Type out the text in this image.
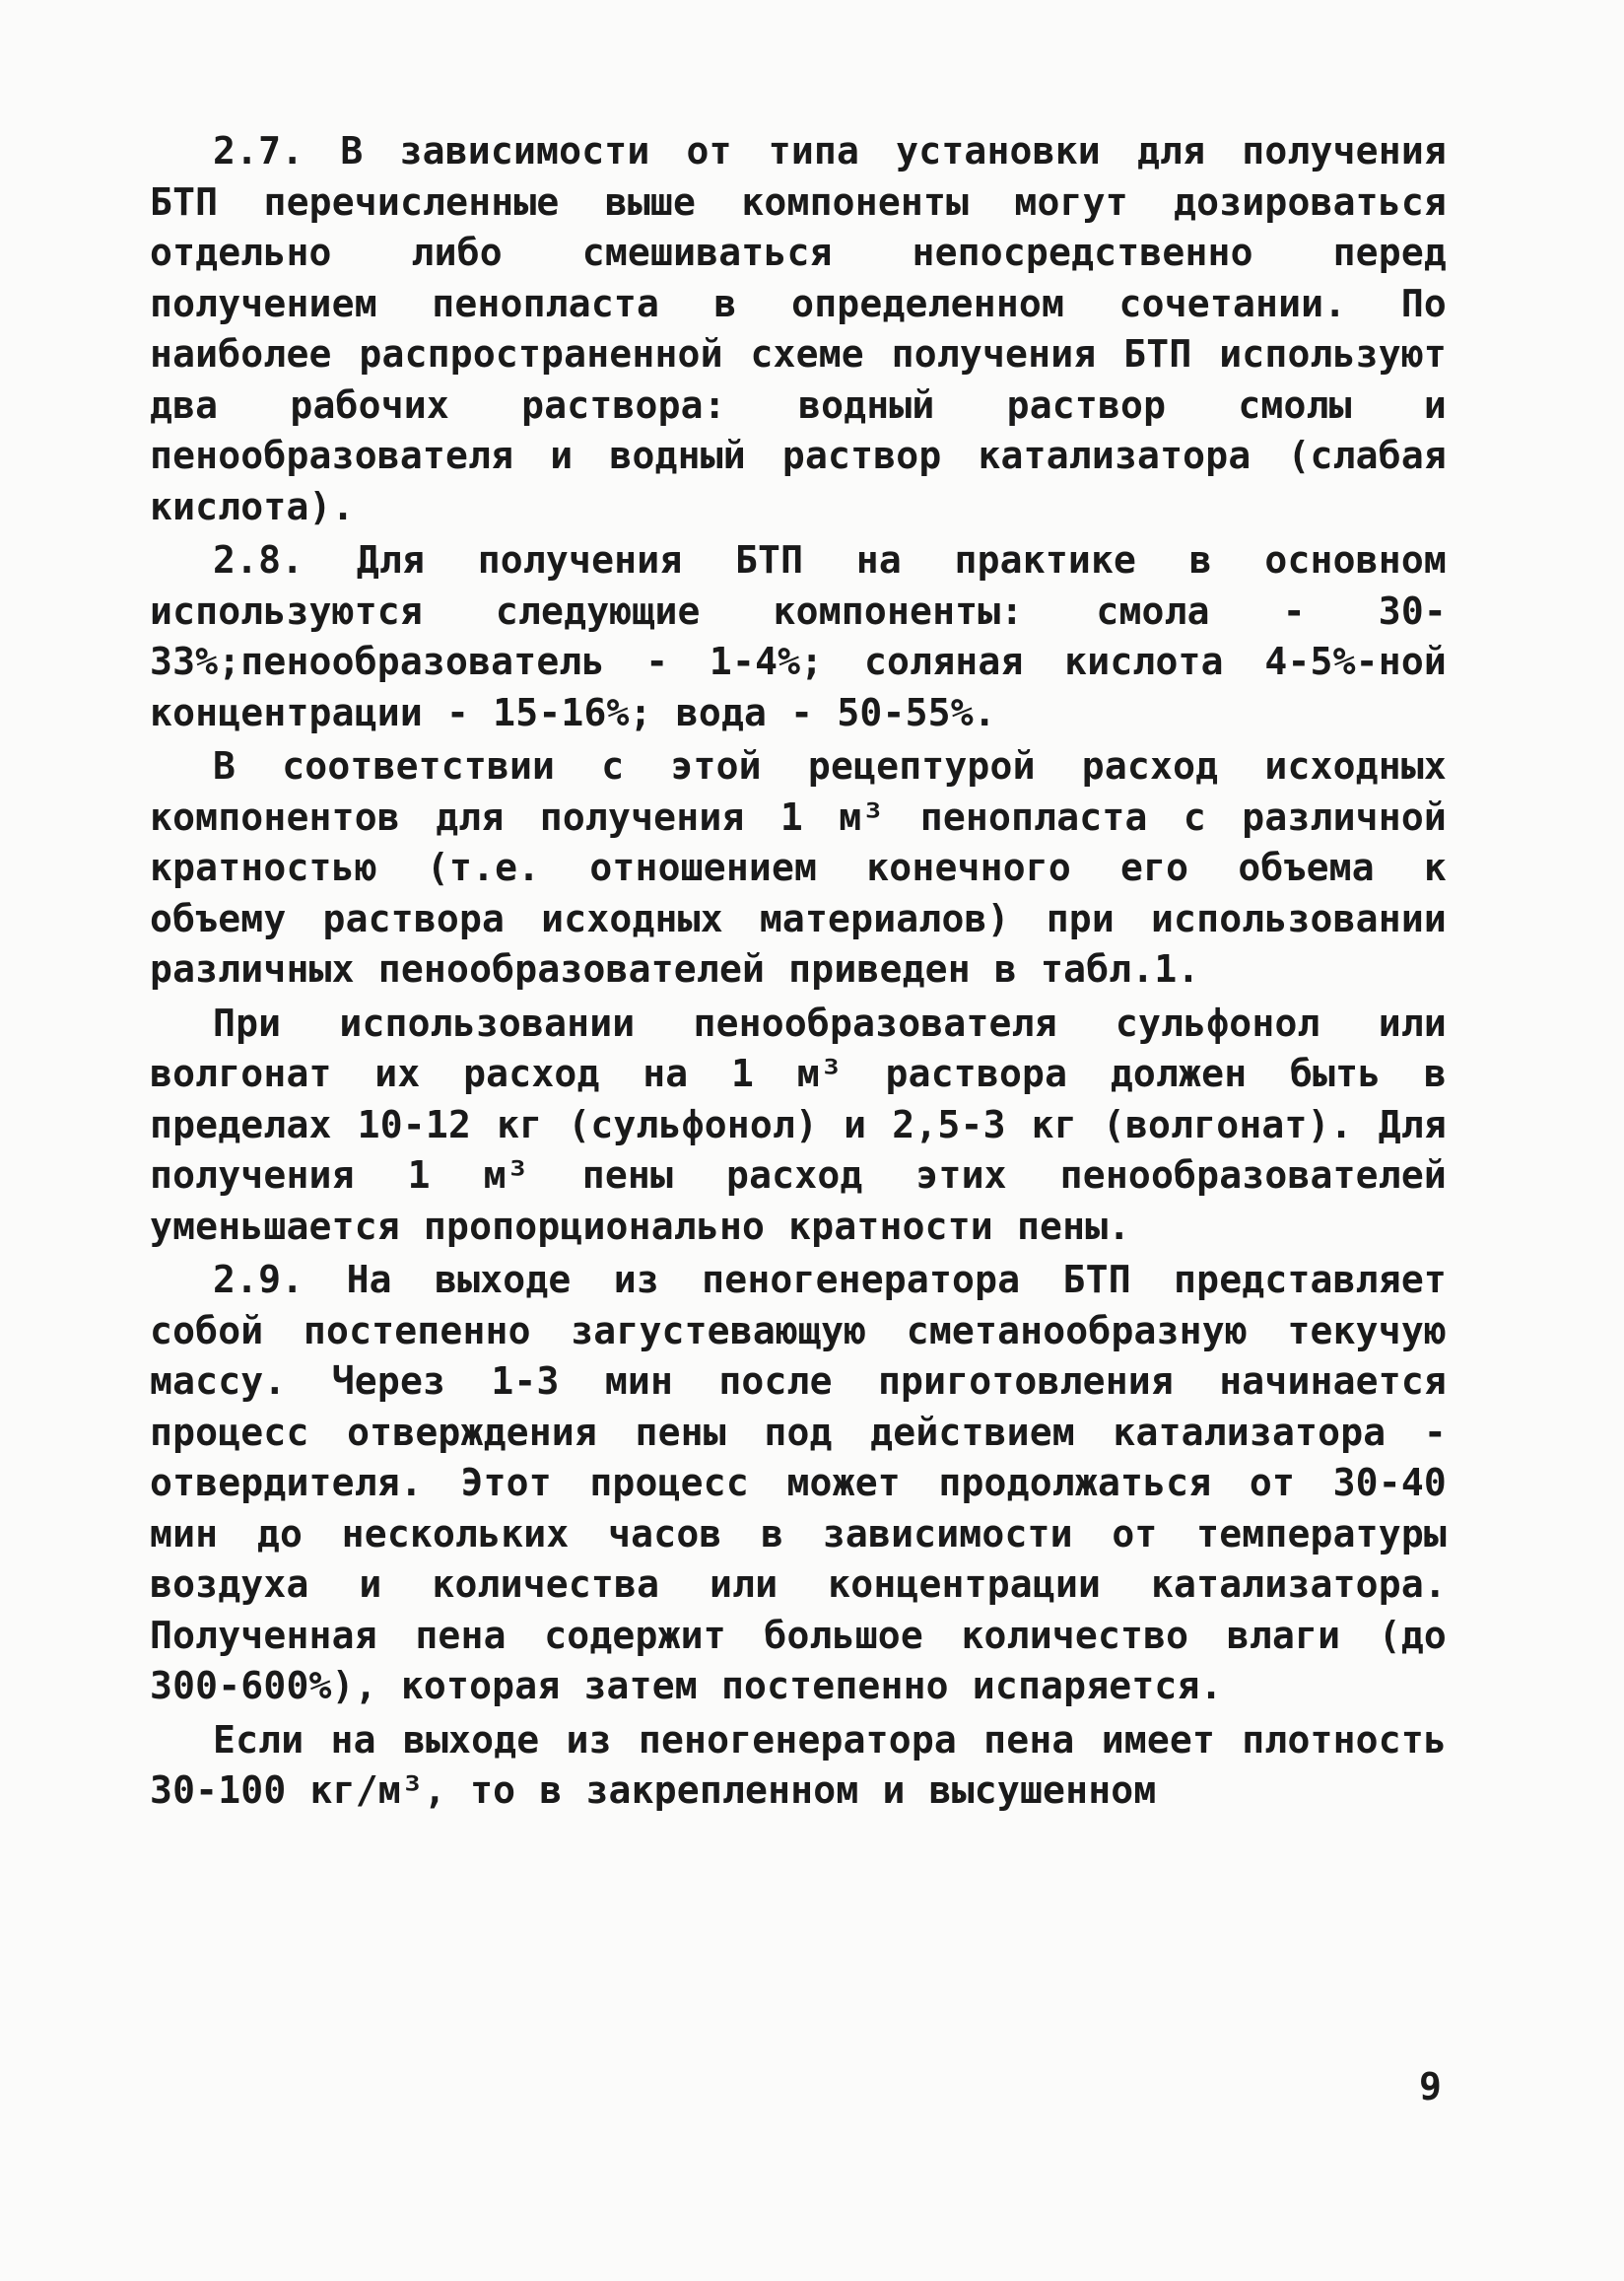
2.7. В зависимости от типа установки для получения БТП перечисленные выше компоненты могут дозироваться отдельно либо смешиваться непосредственно перед получением пенопласта в определенном сочетании. По наиболее распространенной схеме получения БТП используют два рабочих раствора: водный раствор смолы и пенообразователя и водный раствор катализатора (слабая кислота).

2.8. Для получения БТП на практике в основном используются следующие компоненты: смола - 30-33%;пенообразователь - 1-4%; соляная кислота 4-5%-ной концентрации - 15-16%; вода - 50-55%.

В соответствии с этой рецептурой расход исходных компонентов для получения 1 м³ пенопласта с различной кратностью (т.е. отношением конечного его объема к объему раствора исходных материалов) при использовании различных пенообразователей приведен в табл.1.

При использовании пенообразователя сульфонол или волгонат их расход на 1 м³ раствора должен быть в пределах 10-12 кг (сульфонол) и 2,5-3 кг (волгонат). Для получения 1 м³ пены расход этих пенообразователей уменьшается пропорционально кратности пены.

2.9. На выходе из пеногенератора БТП представляет собой постепенно загустевающую сметанообразную текучую массу. Через 1-3 мин после приготовления начинается процесс отверждения пены под действием катализатора - отвердителя. Этот процесс может продолжаться от 30-40 мин до нескольких часов в зависимости от температуры воздуха и количества или концентрации катализатора. Полученная пена содержит большое количество влаги (до 300-600%), которая затем постепенно испаряется.

Если на выходе из пеногенератора пена имеет плотность 30-100 кг/м³, то в закрепленном и высушенном

9
